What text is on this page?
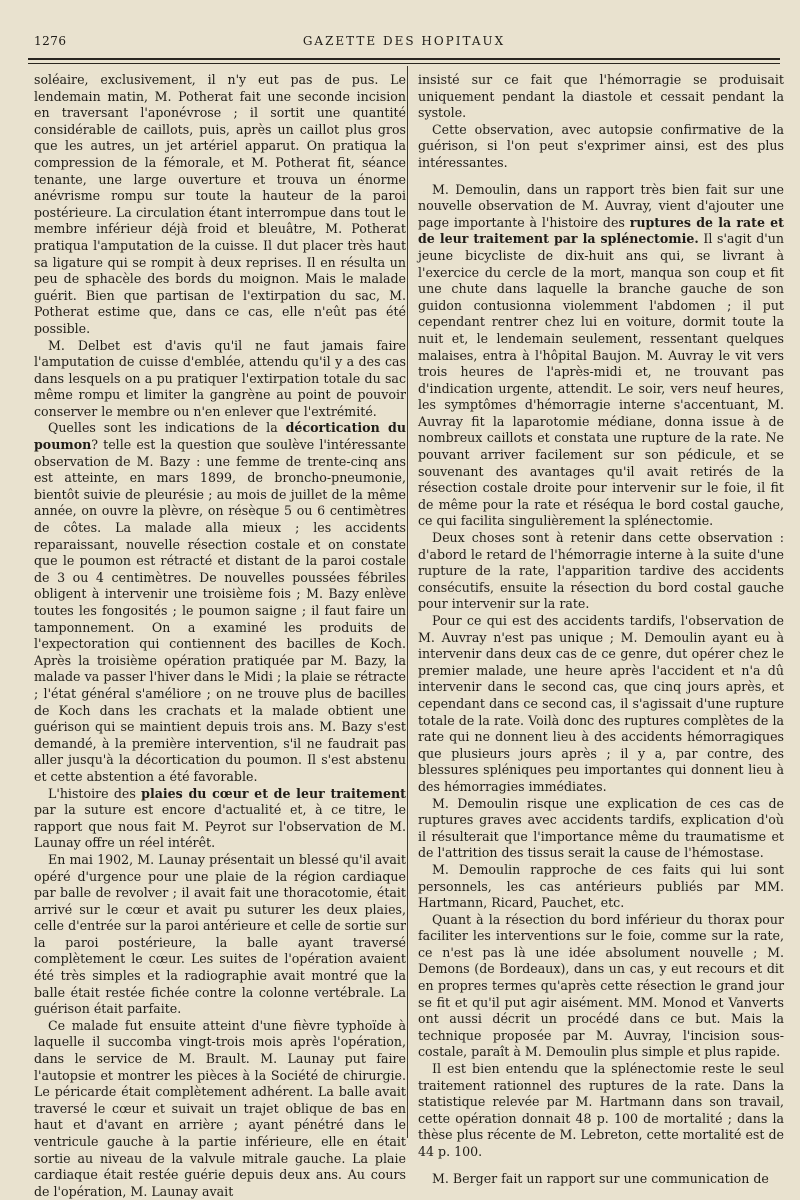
1276	GAZETTE DES HOPITAUX

soléaire, exclusivement, il n'y eut pas de pus. Le lendemain matin, M. Potherat fait une seconde incision en traversant l'aponévrose ; il sortit une quantité considérable de caillots, puis, après un caillot plus gros que les autres, un jet artériel apparut. On pratiqua la compression de la fémorale, et M. Potherat fit, séance tenante, une large ouverture et trouva un énorme anévrisme rompu sur toute la hauteur de la paroi postérieure. La circulation étant interrompue dans tout le membre inférieur déjà froid et bleuâtre, M. Potherat pratiqua l'amputation de la cuisse. Il dut placer très haut sa ligature qui se rompit à deux reprises. Il en résulta un peu de sphacèle des bords du moignon. Mais le malade guérit. Bien que partisan de l'extirpation du sac, M. Potherat estime que, dans ce cas, elle n'eût pas été possible.

M. Delbet est d'avis qu'il ne faut jamais faire l'amputation de cuisse d'emblée, attendu qu'il y a des cas dans lesquels on a pu pratiquer l'extirpation totale du sac même rompu et limiter la gangrène au point de pouvoir conserver le membre ou n'en enlever que l'extrémité.

Quelles sont les indications de la décortication du poumon? telle est la question que soulève l'intéressante observation de M. Bazy : une femme de trente-cinq ans est atteinte, en mars 1899, de broncho-pneumonie, bientôt suivie de pleurésie ; au mois de juillet de la même année, on ouvre la plèvre, on résèque 5 ou 6 centimètres de côtes. La malade alla mieux ; les accidents reparaissant, nouvelle résection costale et on constate que le poumon est rétracté et distant de la paroi costale de 3 ou 4 centimètres. De nouvelles poussées fébriles obligent à intervenir une troisième fois ; M. Bazy enlève toutes les fongosités ; le poumon saigne ; il faut faire un tamponnement. On a examiné les produits de l'expectoration qui contiennent des bacilles de Koch. Après la troisième opération pratiquée par M. Bazy, la malade va passer l'hiver dans le Midi ; la plaie se rétracte ; l'état général s'améliore ; on ne trouve plus de bacilles de Koch dans les crachats et la malade obtient une guérison qui se maintient depuis trois ans. M. Bazy s'est demandé, à la première intervention, s'il ne faudrait pas aller jusqu'à la décortication du poumon. Il s'est abstenu et cette abstention a été favorable.

L'histoire des plaies du cœur et de leur traitement par la suture est encore d'actualité et, à ce titre, le rapport que nous fait M. Peyrot sur l'observation de M. Launay offre un réel intérêt.

En mai 1902, M. Launay présentait un blessé qu'il avait opéré d'urgence pour une plaie de la région cardiaque par balle de revolver ; il avait fait une thoracotomie, était arrivé sur le cœur et avait pu suturer les deux plaies, celle d'entrée sur la paroi antérieure et celle de sortie sur la paroi postérieure, la balle ayant traversé complètement le cœur. Les suites de l'opération avaient été très simples et la radiographie avait montré que la balle était restée fichée contre la colonne vertébrale. La guérison était parfaite.

Ce malade fut ensuite atteint d'une fièvre typhoïde à laquelle il succomba vingt-trois mois après l'opération, dans le service de M. Brault. M. Launay put faire l'autopsie et montrer les pièces à la Société de chirurgie. Le péricarde était complètement adhérent. La balle avait traversé le cœur et suivait un trajet oblique de bas en haut et d'avant en arrière ; ayant pénétré dans le ventricule gauche à la partie inférieure, elle en était sortie au niveau de la valvule mitrale gauche. La plaie cardiaque était restée guérie depuis deux ans. Au cours de l'opération, M. Launay avait

insisté sur ce fait que l'hémorragie se produisait uniquement pendant la diastole et cessait pendant la systole.

Cette observation, avec autopsie confirmative de la guérison, si l'on peut s'exprimer ainsi, est des plus intéressantes.

M. Demoulin, dans un rapport très bien fait sur une nouvelle observation de M. Auvray, vient d'ajouter une page importante à l'histoire des ruptures de la rate et de leur traitement par la splénectomie. Il s'agit d'un jeune bicycliste de dix-huit ans qui, se livrant à l'exercice du cercle de la mort, manqua son coup et fit une chute dans laquelle la branche gauche de son guidon contusionna violemment l'abdomen ; il put cependant rentrer chez lui en voiture, dormit toute la nuit et, le lendemain seulement, ressentant quelques malaises, entra à l'hôpital Baujon. M. Auvray le vit vers trois heures de l'après-midi et, ne trouvant pas d'indication urgente, attendit. Le soir, vers neuf heures, les symptômes d'hémorragie interne s'accentuant, M. Auvray fit la laparotomie médiane, donna issue à de nombreux caillots et constata une rupture de la rate. Ne pouvant arriver facilement sur son pédicule, et se souvenant des avantages qu'il avait retirés de la résection costale droite pour intervenir sur le foie, il fit de même pour la rate et réséqua le bord costal gauche, ce qui facilita singulièrement la splénectomie.

Deux choses sont à retenir dans cette observation : d'abord le retard de l'hémorragie interne à la suite d'une rupture de la rate, l'apparition tardive des accidents consécutifs, ensuite la résection du bord costal gauche pour intervenir sur la rate.

Pour ce qui est des accidents tardifs, l'observation de M. Auvray n'est pas unique ; M. Demoulin ayant eu à intervenir dans deux cas de ce genre, dut opérer chez le premier malade, une heure après l'accident et n'a dû intervenir dans le second cas, que cinq jours après, et cependant dans ce second cas, il s'agissait d'une rupture totale de la rate. Voilà donc des ruptures complètes de la rate qui ne donnent lieu à des accidents hémorragiques que plusieurs jours après ; il y a, par contre, des blessures spléniques peu importantes qui donnent lieu à des hémorragies immédiates.

M. Demoulin risque une explication de ces cas de ruptures graves avec accidents tardifs, explication d'où il résulterait que l'importance même du traumatisme et de l'attrition des tissus serait la cause de l'hémostase.

M. Demoulin rapproche de ces faits qui lui sont personnels, les cas antérieurs publiés par MM. Hartmann, Ricard, Pauchet, etc.

Quant à la résection du bord inférieur du thorax pour faciliter les interventions sur le foie, comme sur la rate, ce n'est pas là une idée absolument nouvelle ; M. Demons (de Bordeaux), dans un cas, y eut recours et dit en propres termes qu'après cette résection le grand jour se fit et qu'il put agir aisément. MM. Monod et Vanverts ont aussi décrit un procédé dans ce but. Mais la technique proposée par M. Auvray, l'incision sous-costale, paraît à M. Demoulin plus simple et plus rapide.

Il est bien entendu que la splénectomie reste le seul traitement rationnel des ruptures de la rate. Dans la statistique relevée par M. Hartmann dans son travail, cette opération donnait 48 p. 100 de mortalité ; dans la thèse plus récente de M. Lebreton, cette mortalité est de 44 p. 100.

M. Berger fait un rapport sur une communication de
